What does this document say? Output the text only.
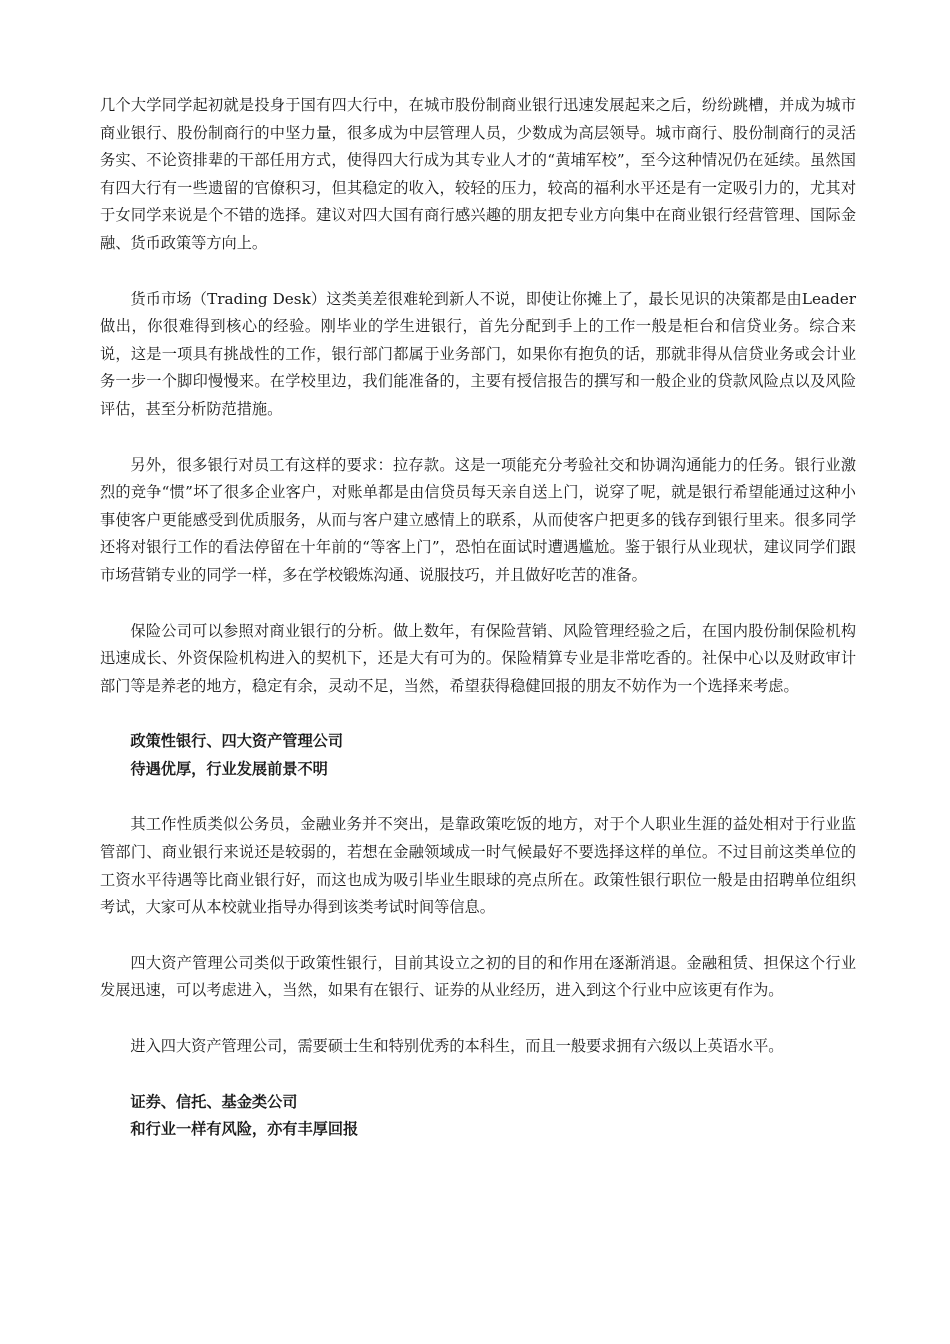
几个大学同学起初就是投身于国有四大行中，在城市股份制商业银行迅速发展起来之后，纷纷跳槽，并成为城市商业银行、股份制商行的中坚力量，很多成为中层管理人员，少数成为高层领导。城市商行、股份制商行的灵活务实、不论资排辈的干部任用方式，使得四大行成为其专业人才的“黄埔军校”，至今这种情况仍在延续。虽然国有四大行有一些遗留的官僚积习，但其稳定的收入，较轻的压力，较高的福利水平还是有一定吸引力的，尤其对于女同学来说是个不错的选择。建议对四大国有商行感兴趣的朋友把专业方向集中在商业银行经营管理、国际金融、货币政策等方向上。

货币市场（Trading Desk）这类美差很难轮到新人不说，即使让你摊上了，最长见识的决策都是由Leader做出，你很难得到核心的经验。刚毕业的学生进银行，首先分配到手上的工作一般是柜台和信贷业务。综合来说，这是一项具有挑战性的工作，银行部门都属于业务部门，如果你有抱负的话，那就非得从信贷业务或会计业务一步一个脚印慢慢来。在学校里边，我们能准备的，主要有授信报告的撰写和一般企业的贷款风险点以及风险评估，甚至分析防范措施。

另外，很多银行对员工有这样的要求：拉存款。这是一项能充分考验社交和协调沟通能力的任务。银行业激烈的竞争“惯”坏了很多企业客户，对账单都是由信贷员每天亲自送上门，说穿了呢，就是银行希望能通过这种小事使客户更能感受到优质服务，从而与客户建立感情上的联系，从而使客户把更多的钱存到银行里来。很多同学还将对银行工作的看法停留在十年前的“等客上门”，恐怕在面试时遭遇尴尬。鉴于银行从业现状，建议同学们跟市场营销专业的同学一样，多在学校锻炼沟通、说服技巧，并且做好吃苦的准备。

保险公司可以参照对商业银行的分析。做上数年，有保险营销、风险管理经验之后，在国内股份制保险机构迅速成长、外资保险机构进入的契机下，还是大有可为的。保险精算专业是非常吃香的。社保中心以及财政审计部门等是养老的地方，稳定有余，灵动不足，当然，希望获得稳健回报的朋友不妨作为一个选择来考虑。

政策性银行、四大资产管理公司

待遇优厚，行业发展前景不明

其工作性质类似公务员，金融业务并不突出，是靠政策吃饭的地方，对于个人职业生涯的益处相对于行业监管部门、商业银行来说还是较弱的，若想在金融领域成一时气候最好不要选择这样的单位。不过目前这类单位的工资水平待遇等比商业银行好，而这也成为吸引毕业生眼球的亮点所在。政策性银行职位一般是由招聘单位组织考试，大家可从本校就业指导办得到该类考试时间等信息。

四大资产管理公司类似于政策性银行，目前其设立之初的目的和作用在逐渐消退。金融租赁、担保这个行业发展迅速，可以考虑进入，当然，如果有在银行、证券的从业经历，进入到这个行业中应该更有作为。

进入四大资产管理公司，需要硕士生和特别优秀的本科生，而且一般要求拥有六级以上英语水平。

证券、信托、基金类公司

和行业一样有风险，亦有丰厚回报
